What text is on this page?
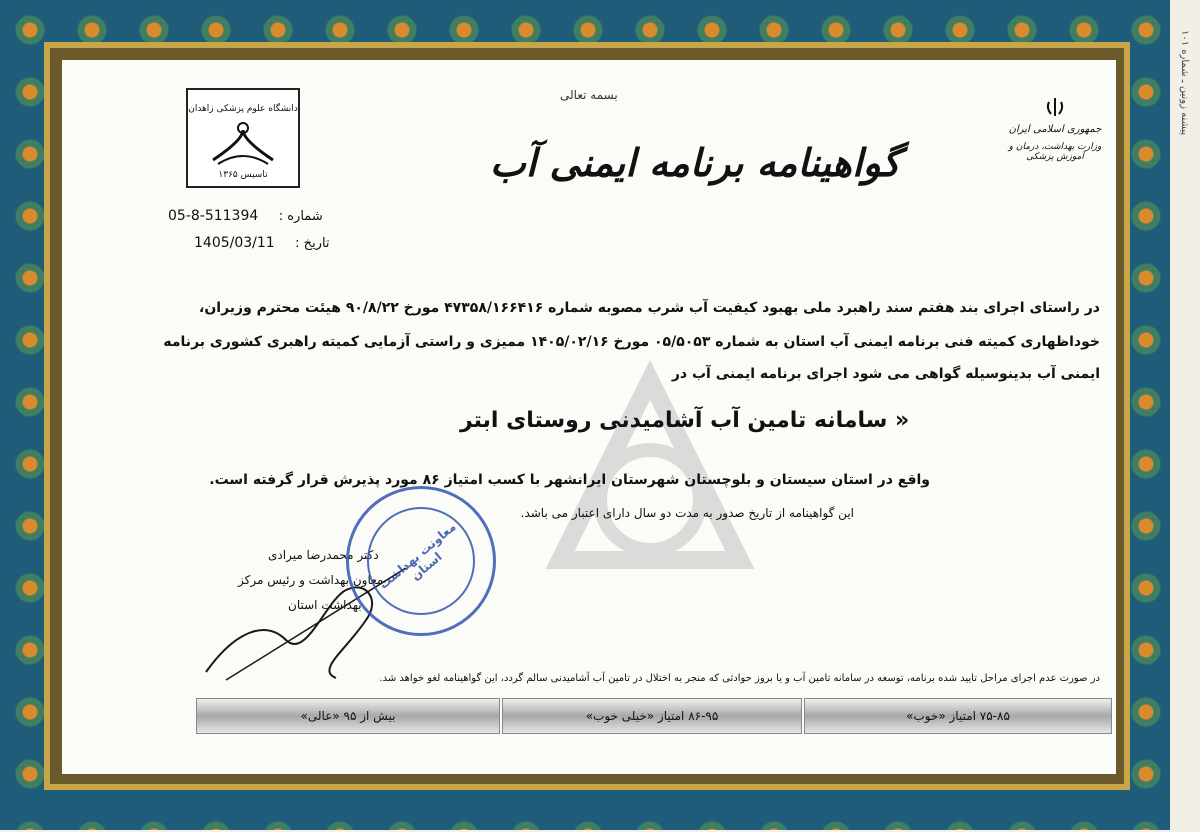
پیشنه زونین ـ شماره ۱۰۱
بسمه تعالی
گواهینامه برنامه ایمنی آب
دانشگاه علوم پزشکی زاهدان
تاسیس ۱۳۶۵
جمهوری اسلامی ایران
وزارت بهداشت، درمان و آموزش پزشکی
05-8-511394 : شماره
1405/03/11 : تاریخ
در راستای اجرای بند هفتم سند راهبرد ملی بهبود کیفیت آب شرب مصوبه شماره ۴۷۳۵۸/۱۶۶۴۱۶ مورخ ۹۰/۸/۲۲ هیئت محترم وزیران،
خوداظهاری کمیته فنی برنامه ایمنی آب استان به شماره ۰۵/۵۰۵۳ مورخ ۱۴۰۵/۰۲/۱۶ ممیزی و راستی آزمایی کمیته راهبری کشوری برنامه
ایمنی آب بدینوسیله گواهی می شود اجرای برنامه ایمنی آب در
« سامانه تامین آب آشامیدنی روستای ابتر
واقع در استان سیستان و بلوچستان شهرستان ایرانشهر با کسب امتیاز ۸۶ مورد پذیرش قرار گرفته است.
این گواهینامه از تاریخ صدور به مدت دو سال دارای اعتبار می باشد.
دکتر محمدرضا میرادی
معاون بهداشت و رئیس مرکز
بهداشت استان
معاونت بهداشت استان
در صورت عدم اجرای مراحل تایید شده برنامه، توسعه در سامانه تامین آب و یا بروز حوادثی که منجر به اختلال در تامین آب آشامیدنی سالم گردد، این گواهینامه لغو خواهد شد.
بیش از ۹۵ «عالی»	۸۶-۹۵ امتیاز «خیلی خوب»	۷۵-۸۵ امتیاز «خوب»
